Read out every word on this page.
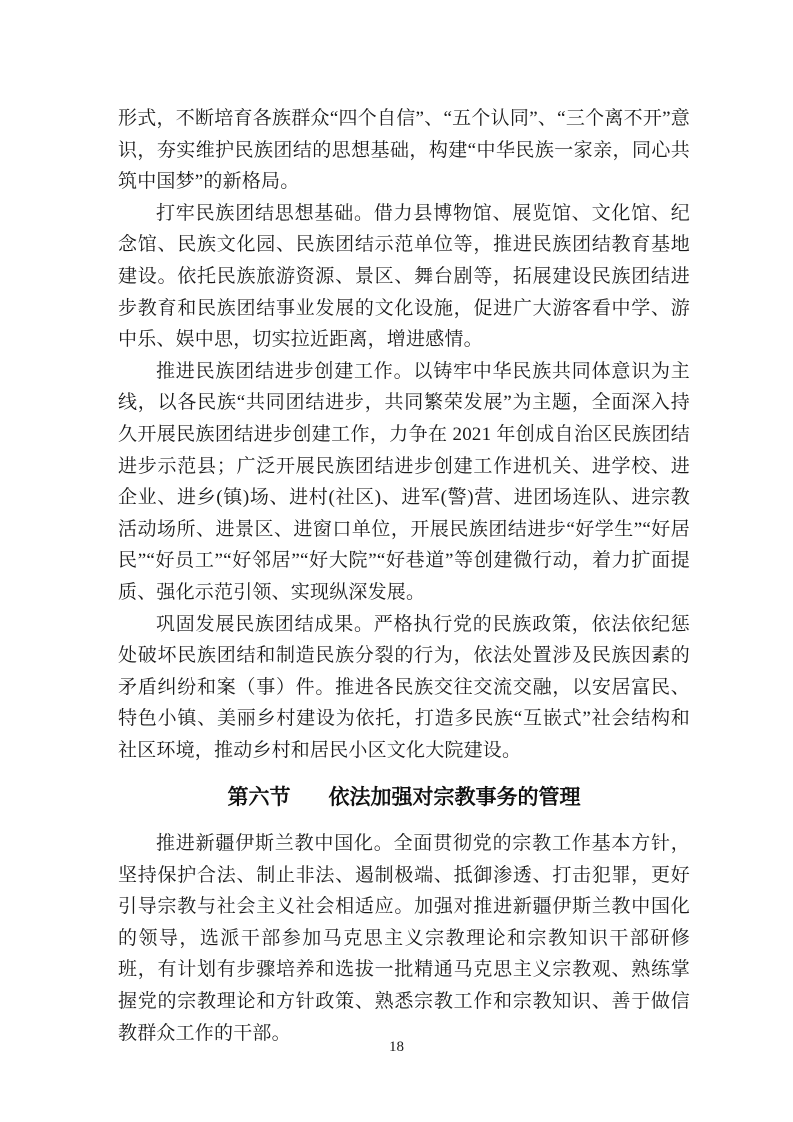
形式，不断培育各族群众“四个自信”、“五个认同”、“三个离不开”意识，夯实维护民族团结的思想基础，构建“中华民族一家亲，同心共筑中国梦”的新格局。

打牢民族团结思想基础。借力县博物馆、展览馆、文化馆、纪念馆、民族文化园、民族团结示范单位等，推进民族团结教育基地建设。依托民族旅游资源、景区、舞台剧等，拓展建设民族团结进步教育和民族团结事业发展的文化设施，促进广大游客看中学、游中乐、娱中思，切实拉近距离，增进感情。

推进民族团结进步创建工作。以铸牢中华民族共同体意识为主线，以各民族“共同团结进步，共同繁荣发展”为主题，全面深入持久开展民族团结进步创建工作，力争在 2021 年创成自治区民族团结进步示范县；广泛开展民族团结进步创建工作进机关、进学校、进企业、进乡(镇)场、进村(社区)、进军(警)营、进团场连队、进宗教活动场所、进景区、进窗口单位，开展民族团结进步“好学生”“好居民”“好员工”“好邻居”“好大院”“好巷道”等创建微行动，着力扩面提质、强化示范引领、实现纵深发展。

巩固发展民族团结成果。严格执行党的民族政策，依法依纪惩处破坏民族团结和制造民族分裂的行为，依法处置涉及民族因素的矛盾纠纷和案（事）件。推进各民族交往交流交融，以安居富民、特色小镇、美丽乡村建设为依托，打造多民族“互嵌式”社会结构和社区环境，推动乡村和居民小区文化大院建设。

第六节 依法加强对宗教事务的管理

推进新疆伊斯兰教中国化。全面贯彻党的宗教工作基本方针，坚持保护合法、制止非法、遏制极端、抵御渗透、打击犯罪，更好引导宗教与社会主义社会相适应。加强对推进新疆伊斯兰教中国化的领导，选派干部参加马克思主义宗教理论和宗教知识干部研修班，有计划有步骤培养和选拔一批精通马克思主义宗教观、熟练掌握党的宗教理论和方针政策、熟悉宗教工作和宗教知识、善于做信教群众工作的干部。

18
